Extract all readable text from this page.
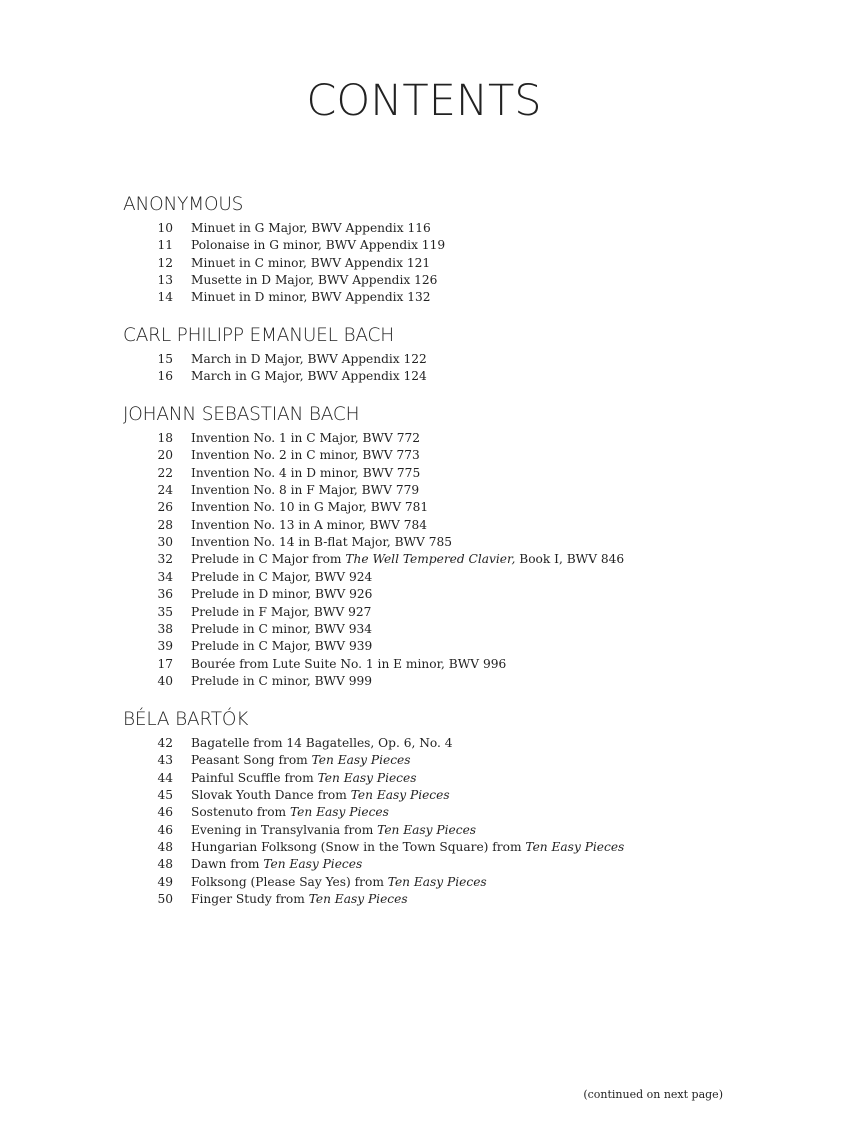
CONTENTS
ANONYMOUS
10 Minuet in G Major, BWV Appendix 116
11 Polonaise in G minor, BWV Appendix 119
12 Minuet in C minor, BWV Appendix 121
13 Musette in D Major, BWV Appendix 126
14 Minuet in D minor, BWV Appendix 132
CARL PHILIPP EMANUEL BACH
15 March in D Major, BWV Appendix 122
16 March in G Major, BWV Appendix 124
JOHANN SEBASTIAN BACH
18 Invention No. 1 in C Major, BWV 772
20 Invention No. 2 in C minor, BWV 773
22 Invention No. 4 in D minor, BWV 775
24 Invention No. 8 in F Major, BWV 779
26 Invention No. 10 in G Major, BWV 781
28 Invention No. 13 in A minor, BWV 784
30 Invention No. 14 in B-flat Major, BWV 785
32 Prelude in C Major from The Well Tempered Clavier, Book I, BWV 846
34 Prelude in C Major, BWV 924
36 Prelude in D minor, BWV 926
35 Prelude in F Major, BWV 927
38 Prelude in C minor, BWV 934
39 Prelude in C Major, BWV 939
17 Bourée from Lute Suite No. 1 in E minor, BWV 996
40 Prelude in C minor, BWV 999
BÉLA BARTÓK
42 Bagatelle from 14 Bagatelles, Op. 6, No. 4
43 Peasant Song from Ten Easy Pieces
44 Painful Scuffle from Ten Easy Pieces
45 Slovak Youth Dance from Ten Easy Pieces
46 Sostenuto from Ten Easy Pieces
46 Evening in Transylvania from Ten Easy Pieces
48 Hungarian Folksong (Snow in the Town Square) from Ten Easy Pieces
48 Dawn from Ten Easy Pieces
49 Folksong (Please Say Yes) from Ten Easy Pieces
50 Finger Study from Ten Easy Pieces
(continued on next page)
